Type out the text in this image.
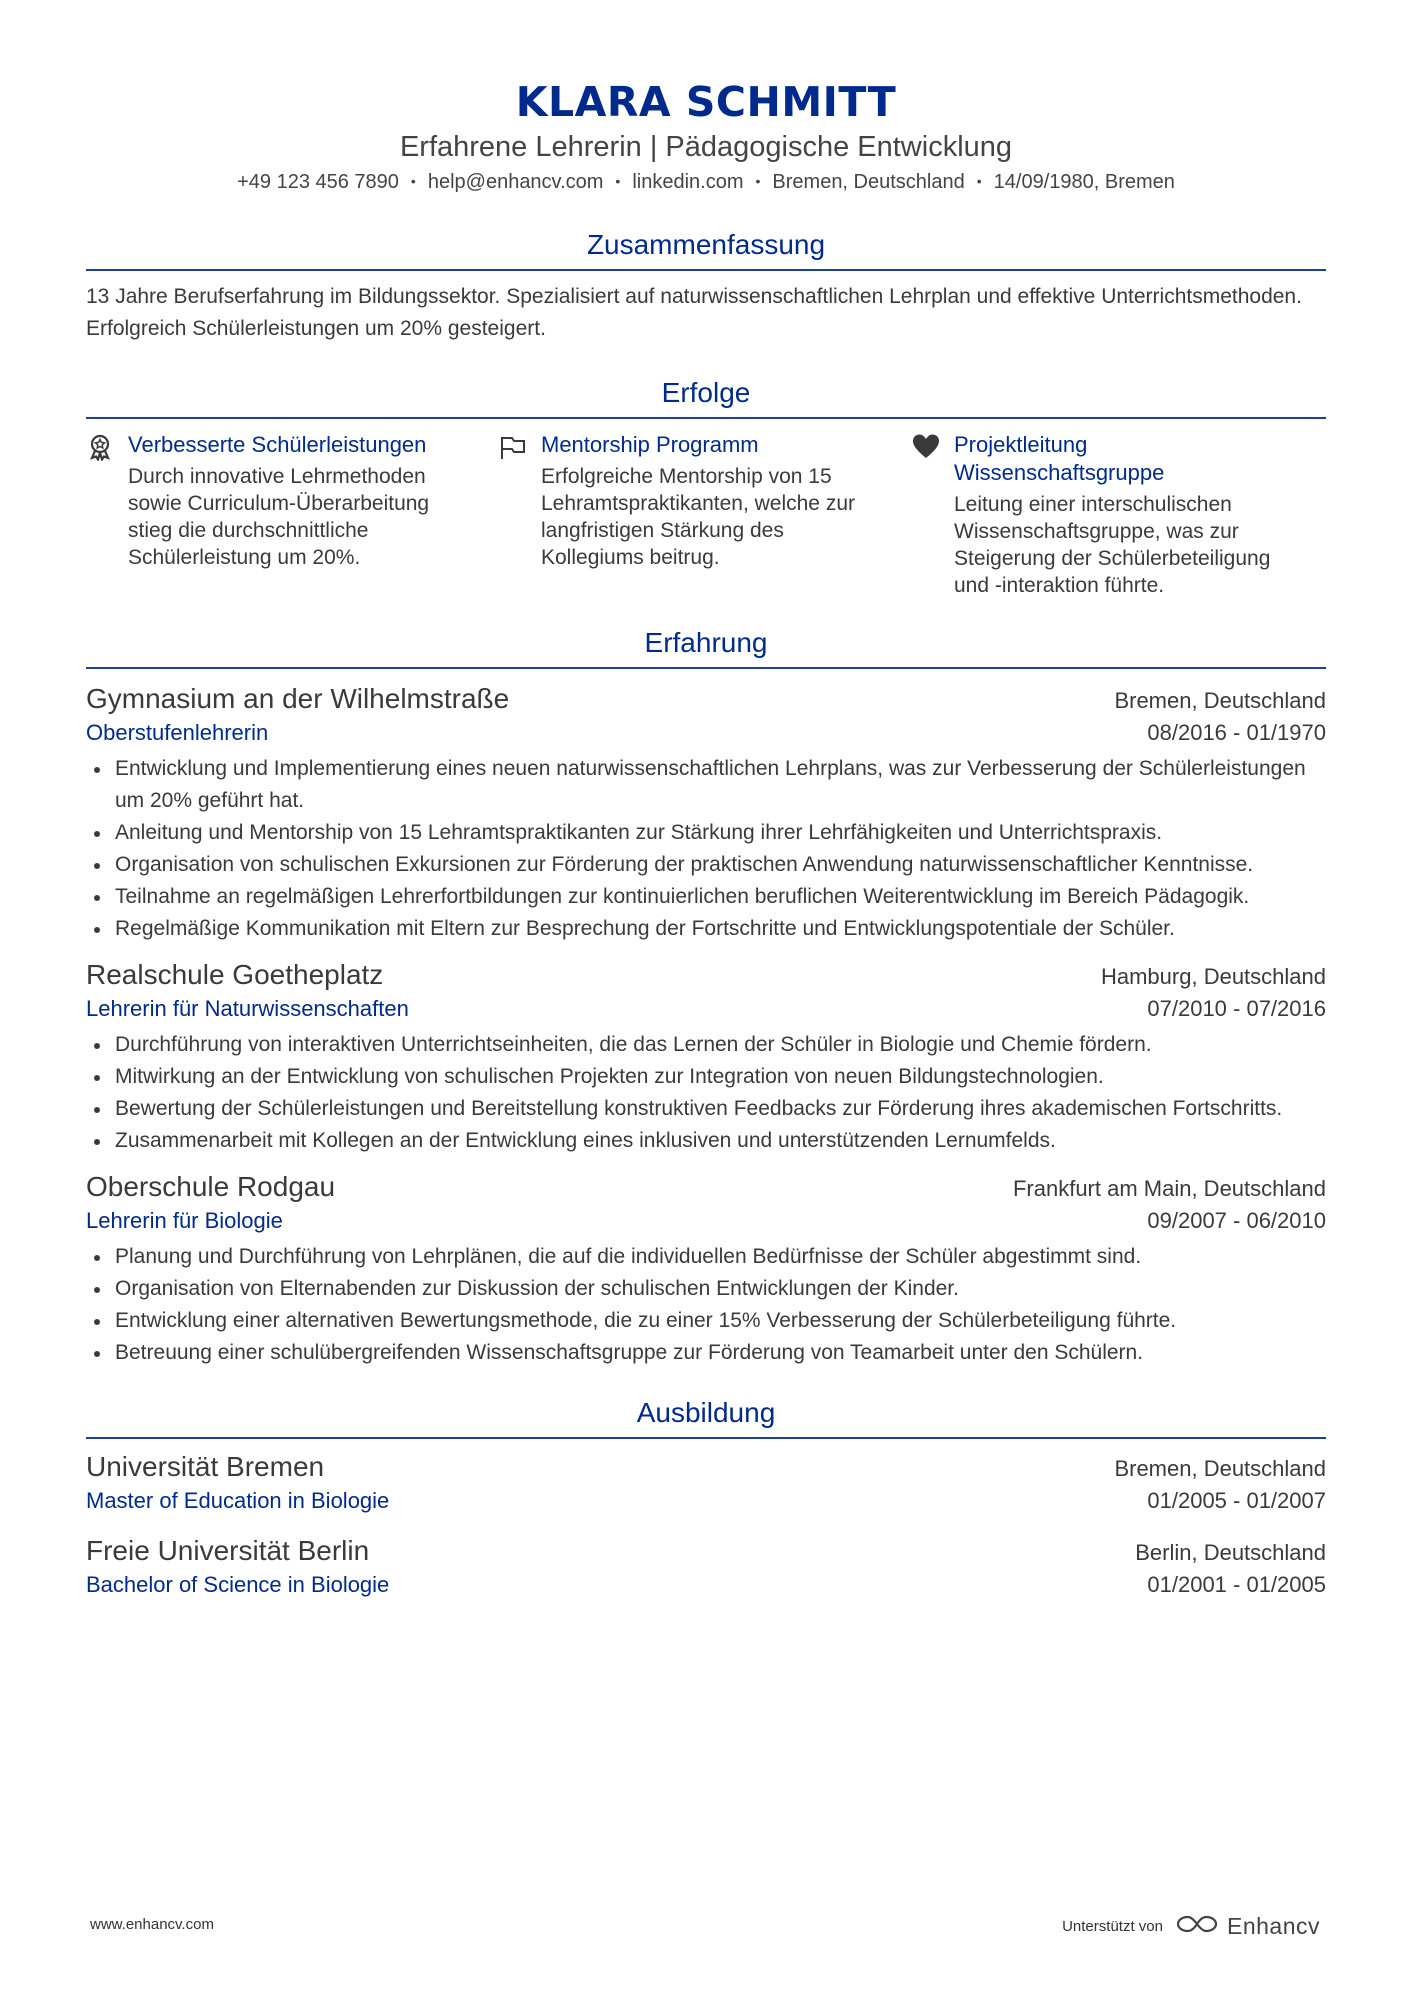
KLARA SCHMITT
Erfahrene Lehrerin | Pädagogische Entwicklung
+49 123 456 7890 • help@enhancv.com • linkedin.com • Bremen, Deutschland • 14/09/1980, Bremen
Zusammenfassung
13 Jahre Berufserfahrung im Bildungssektor. Spezialisiert auf naturwissenschaftlichen Lehrplan und effektive Unterrichtsmethoden. Erfolgreich Schülerleistungen um 20% gesteigert.
Erfolge
Verbesserte Schülerleistungen
Durch innovative Lehrmethoden sowie Curriculum-Überarbeitung stieg die durchschnittliche Schülerleistung um 20%.
Mentorship Programm
Erfolgreiche Mentorship von 15 Lehramtspraktikanten, welche zur langfristigen Stärkung des Kollegiums beitrug.
Projektleitung Wissenschaftsgruppe
Leitung einer interschulischen Wissenschaftsgruppe, was zur Steigerung der Schülerbeteiligung und -interaktion führte.
Erfahrung
Gymnasium an der Wilhelmstraße	Bremen, Deutschland
Oberstufenlehrerin	08/2016 - 01/1970
Entwicklung und Implementierung eines neuen naturwissenschaftlichen Lehrplans, was zur Verbesserung der Schülerleistungen um 20% geführt hat.
Anleitung und Mentorship von 15 Lehramtspraktikanten zur Stärkung ihrer Lehrfähigkeiten und Unterrichtspraxis.
Organisation von schulischen Exkursionen zur Förderung der praktischen Anwendung naturwissenschaftlicher Kenntnisse.
Teilnahme an regelmäßigen Lehrerfortbildungen zur kontinuierlichen beruflichen Weiterentwicklung im Bereich Pädagogik.
Regelmäßige Kommunikation mit Eltern zur Besprechung der Fortschritte und Entwicklungspotentiale der Schüler.
Realschule Goetheplatz	Hamburg, Deutschland
Lehrerin für Naturwissenschaften	07/2010 - 07/2016
Durchführung von interaktiven Unterrichtseinheiten, die das Lernen der Schüler in Biologie und Chemie fördern.
Mitwirkung an der Entwicklung von schulischen Projekten zur Integration von neuen Bildungstechnologien.
Bewertung der Schülerleistungen und Bereitstellung konstruktiven Feedbacks zur Förderung ihres akademischen Fortschritts.
Zusammenarbeit mit Kollegen an der Entwicklung eines inklusiven und unterstützenden Lernumfelds.
Oberschule Rodgau	Frankfurt am Main, Deutschland
Lehrerin für Biologie	09/2007 - 06/2010
Planung und Durchführung von Lehrplänen, die auf die individuellen Bedürfnisse der Schüler abgestimmt sind.
Organisation von Elternabenden zur Diskussion der schulischen Entwicklungen der Kinder.
Entwicklung einer alternativen Bewertungsmethode, die zu einer 15% Verbesserung der Schülerbeteiligung führte.
Betreuung einer schulübergreifenden Wissenschaftsgruppe zur Förderung von Teamarbeit unter den Schülern.
Ausbildung
Universität Bremen	Bremen, Deutschland
Master of Education in Biologie	01/2005 - 01/2007
Freie Universität Berlin	Berlin, Deutschland
Bachelor of Science in Biologie	01/2001 - 01/2005
www.enhancv.com	Unterstützt von	Enhancv
